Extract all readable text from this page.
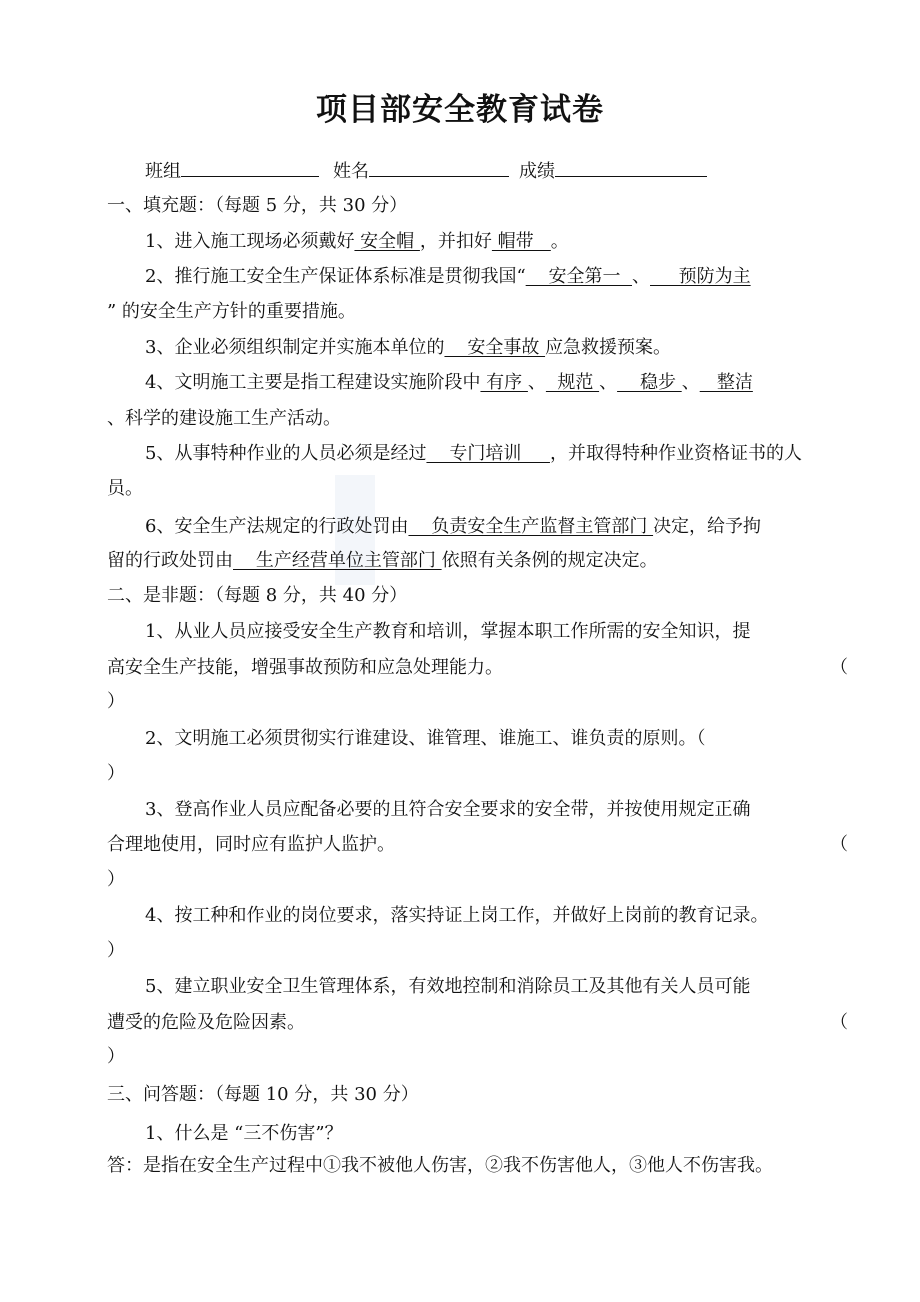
项目部安全教育试卷
班组	姓名	成绩
一、填充题：（每题 5 分，共 30 分）
1、进入施工现场必须戴好 安全帽 ，并扣好 帽带   。
2、推行施工安全生产保证体系标准是贯彻我国“    安全第一  、     预防为主
” 的安全生产方针的重要措施。
3、企业必须组织制定并实施本单位的    安全事故 应急救援预案。
4、文明施工主要是指工程建设实施阶段中 有序 、  规范 、    稳步 、   整洁
、科学的建设施工生产活动。
5、从事特种作业的人员必须是经过    专门培训     ，并取得特种作业资格证书的人
员。
6、安全生产法规定的行政处罚由    负责安全生产监督主管部门 决定，给予拘
留的行政处罚由    生产经营单位主管部门 依照有关条例的规定决定。
二、是非题：（每题 8 分，共 40 分）
1、从业人员应接受安全生产教育和培训，掌握本职工作所需的安全知识，提
高安全生产技能，增强事故预防和应急处理能力。	（
）
2、文明施工必须贯彻实行谁建设、谁管理、谁施工、谁负责的原则。（
）
3、登高作业人员应配备必要的且符合安全要求的安全带，并按使用规定正确
合理地使用，同时应有监护人监护。	（
）
4、按工种和作业的岗位要求，落实持证上岗工作，并做好上岗前的教育记录。
）
5、建立职业安全卫生管理体系，有效地控制和消除员工及其他有关人员可能
遭受的危险及危险因素。	（
）
三、问答题：（每题 10 分，共 30 分）
1、什么是 “三不伤害”？
答：是指在安全生产过程中①我不被他人伤害，②我不伤害他人，③他人不伤害我。
